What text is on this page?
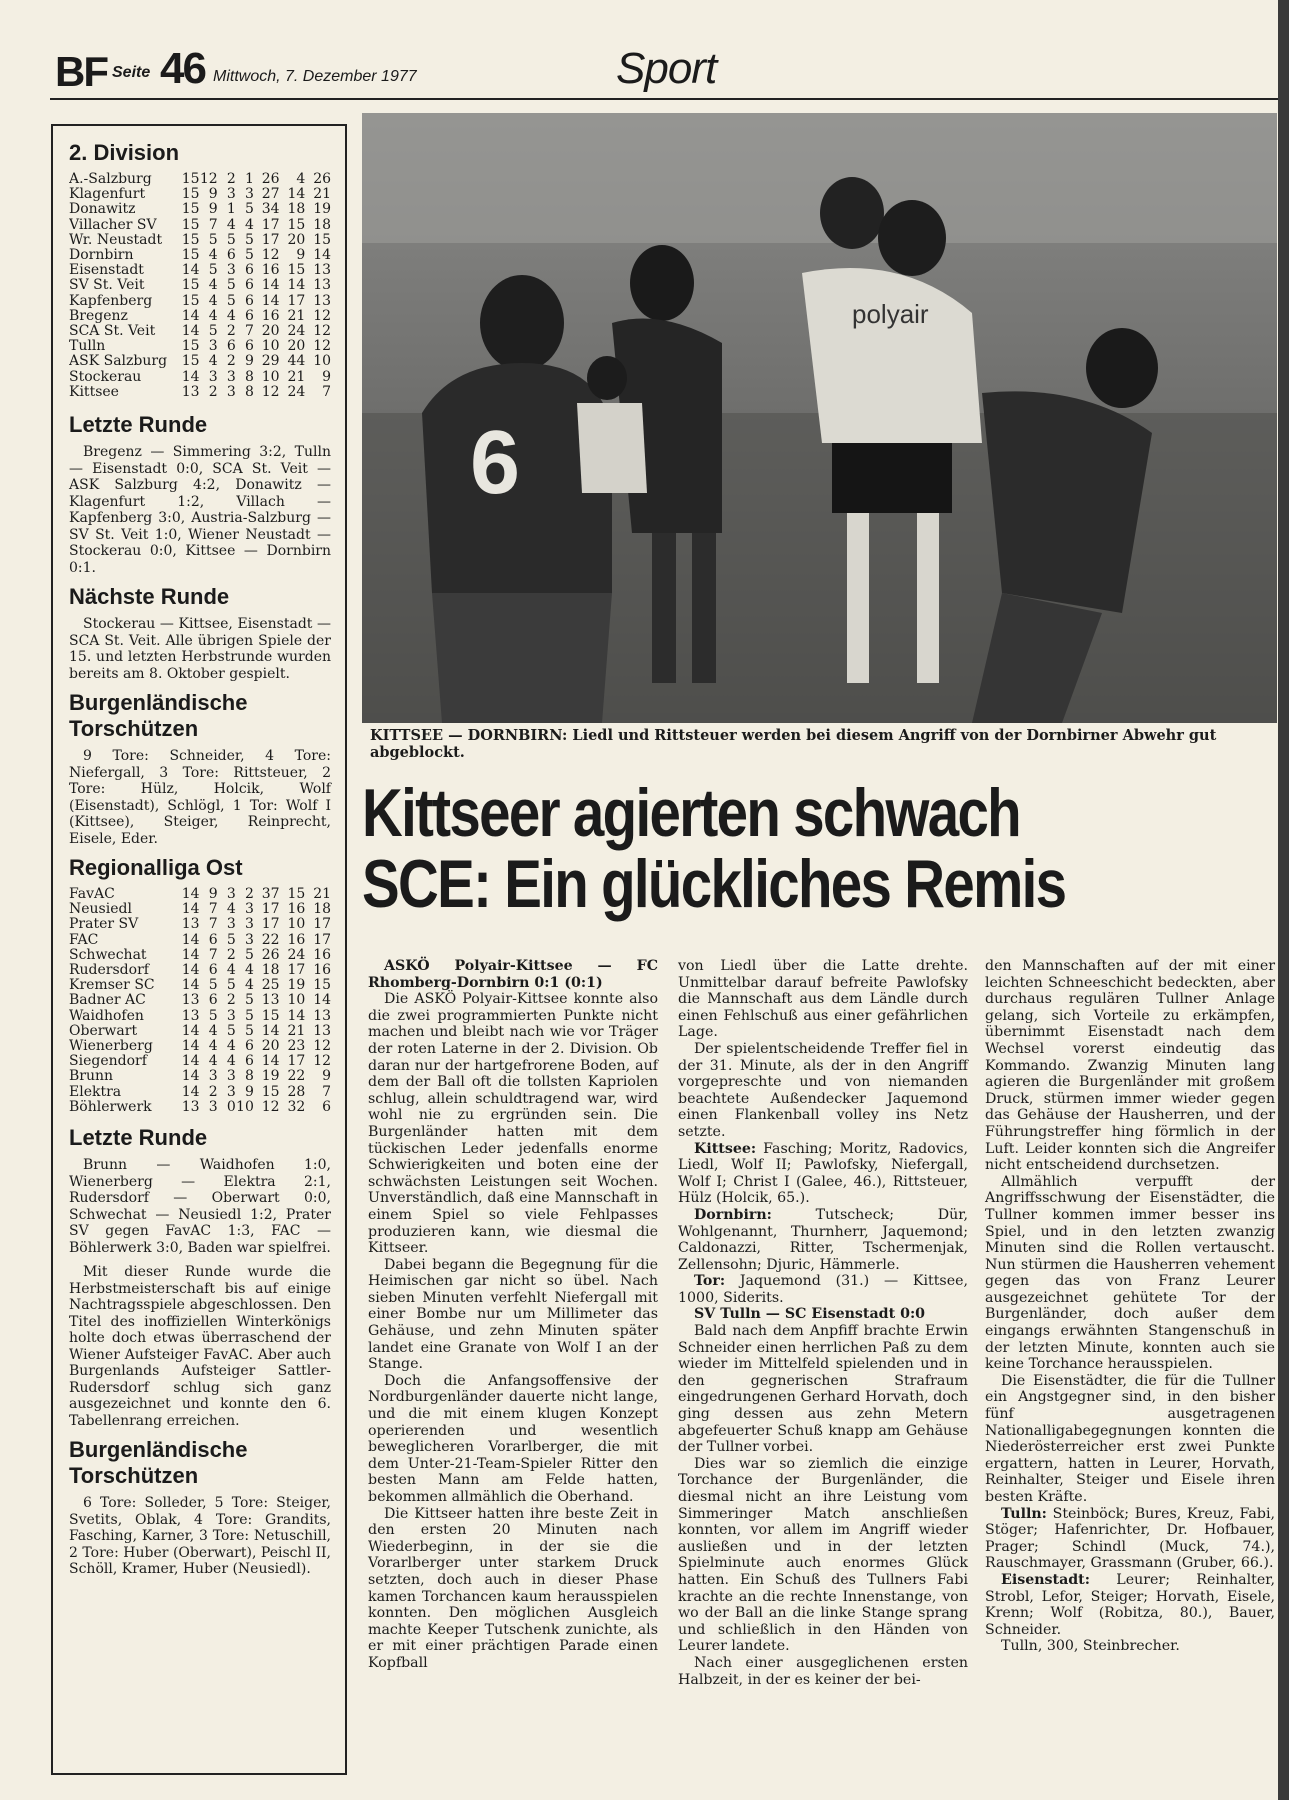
BF Seite 46 Mittwoch, 7. Dezember 1977	Sport
2. Division
A.-Salzburg	15 12 2 1 26	4 26
Klagenfurt	15 9 3 3 27 14 21
Donawitz	15 9 1 5 34 18 19
Villacher SV	15 7 4 4 17 15 18
Wr. Neustadt	15 5 5 5 17 20 15
Dornbirn	15 4 6 5 12	9 14
Eisenstadt	14 5 3 6 16 15 13
SV St. Veit	15 4 5 6 14 14 13
Kapfenberg	15 4 5 6 14 17 13
Bregenz	14 4 4 6 16 21 12
SCA St. Veit	14 5 2 7 20 24 12
Tulln	15 3 6 6 10 20 12
ASK Salzburg	15 4 2 9 29 44 10
Stockerau	14 3 3 8 10 21	9
Kittsee	13 2 3 8 12 24	7
Letzte Runde

Bregenz — Simmering 3:2, Tulln — Eisenstadt 0:0, SCA St. Veit — ASK Salzburg 4:2, Donawitz — Klagenfurt 1:2, Villach — Kapfenberg 3:0, Austria-Salzburg — SV St. Veit 1:0, Wiener Neustadt — Stockerau 0:0, Kittsee — Dornbirn 0:1.

Nächste Runde

Stockerau — Kittsee, Eisenstadt — SCA St. Veit. Alle übrigen Spiele der 15. und letzten Herbstrunde wurden bereits am 8. Oktober gespielt.

Burgenländische Torschützen

9 Tore: Schneider, 4 Tore: Niefergall, 3 Tore: Rittsteuer, 2 Tore: Hülz, Holcik, Wolf (Eisenstadt), Schlögl, 1 Tor: Wolf I (Kittsee), Steiger, Reinprecht, Eisele, Eder.

Regionalliga Ost
FavAC	14 9 3 2 37 15 21
Neusiedl	14 7 4 3 17 16 18
Prater SV	13 7 3 3 17 10 17
FAC	14 6 5 3 22 16 17
Schwechat	14 7 2 5 26 24 16
Rudersdorf	14 6 4 4 18 17 16
Kremser SC	14 5 5 4 25 19 15
Badner AC	13 6 2 5 13 10 14
Waidhofen	13 5 3 5 15 14 13
Oberwart	14 4 5 5 14 21 13
Wienerberg	14 4 4 6 20 23 12
Siegendorf	14 4 4 6 14 17 12
Brunn	14 3 3 8 19 22	9
Elektra	14 2 3 9 15 28	7
Böhlerwerk	13 3 0 10 12 32	6
Letzte Runde

Brunn — Waidhofen 1:0, Wienerberg — Elektra 2:1, Rudersdorf — Oberwart 0:0, Schwechat — Neusiedl 1:2, Prater SV gegen FavAC 1:3, FAC — Böhlerwerk 3:0, Baden war spielfrei.

Mit dieser Runde wurde die Herbstmeisterschaft bis auf einige Nachtragsspiele abgeschlossen. Den Titel des inoffiziellen Winterkönigs holte doch etwas überraschend der Wiener Aufsteiger FavAC. Aber auch Burgenlands Aufsteiger Sattler-Rudersdorf schlug sich ganz ausgezeichnet und konnte den 6. Tabellenrang erreichen.

Burgenländische Torschützen

6 Tore: Solleder, 5 Tore: Steiger, Svetits, Oblak, 4 Tore: Grandits, Fasching, Karner, 3 Tore: Netuschill, 2 Tore: Huber (Oberwart), Peischl II, Schöll, Kramer, Huber (Neusiedl).

6
polyair
KITTSEE — DORNBIRN: Liedl und Rittsteuer werden bei diesem Angriff von der Dornbirner Abwehr gut abgeblockt.
Kittseer agierten schwach
SCE: Ein glückliches Remis

ASKÖ Polyair-Kittsee — FC Rhomberg-Dornbirn 0:1 (0:1)

Die ASKÖ Polyair-Kittsee konnte also die zwei programmierten Punkte nicht machen und bleibt nach wie vor Träger der roten Laterne in der 2. Division. Ob daran nur der hartgefrorene Boden, auf dem der Ball oft die tollsten Kapriolen schlug, allein schuldtragend war, wird wohl nie zu ergründen sein. Die Burgenländer hatten mit dem tückischen Leder jedenfalls enorme Schwierigkeiten und boten eine der schwächsten Leistungen seit Wochen. Unverständlich, daß eine Mannschaft in einem Spiel so viele Fehlpasses produzieren kann, wie diesmal die Kittseer.

Dabei begann die Begegnung für die Heimischen gar nicht so übel. Nach sieben Minuten verfehlt Niefergall mit einer Bombe nur um Millimeter das Gehäuse, und zehn Minuten später landet eine Granate von Wolf I an der Stange.

Doch die Anfangsoffensive der Nordburgenländer dauerte nicht lange, und die mit einem klugen Konzept operierenden und wesentlich beweglicheren Vorarlberger, die mit dem Unter-21-Team-Spieler Ritter den besten Mann am Felde hatten, bekommen allmählich die Oberhand.

Die Kittseer hatten ihre beste Zeit in den ersten 20 Minuten nach Wiederbeginn, in der sie die Vorarlberger unter starkem Druck setzten, doch auch in dieser Phase kamen Torchancen kaum herausspielen konnten. Den möglichen Ausgleich machte Keeper Tutschenk zunichte, als er mit einer prächtigen Parade einen Kopfball

von Liedl über die Latte drehte. Unmittelbar darauf befreite Pawlofsky die Mannschaft aus dem Ländle durch einen Fehlschuß aus einer gefährlichen Lage.

Der spielentscheidende Treffer fiel in der 31. Minute, als der in den Angriff vorgepreschte und von niemanden beachtete Außendecker Jaquemond einen Flankenball volley ins Netz setzte.

Kittsee: Fasching; Moritz, Radovics, Liedl, Wolf II; Pawlofsky, Niefergall, Wolf I; Christ I (Galee, 46.), Rittsteuer, Hülz (Holcik, 65.).

Dornbirn:	Tutscheck; Dür, Wohlgenannt, Thurnherr, Jaquemond; Caldonazzi, Ritter, Tschermenjak, Zellensohn; Djuric, Hämmerle.

Tor: Jaquemond (31.) — Kittsee, 1000, Siderits.

SV Tulln — SC Eisenstadt 0:0

Bald nach dem Anpfiff brachte Erwin Schneider einen herrlichen Paß zu dem wieder im Mittelfeld spielenden und in den gegnerischen Strafraum eingedrungenen Gerhard Horvath, doch ging dessen aus zehn Metern abgefeuerter Schuß knapp am Gehäuse der Tullner vorbei.

Dies war so ziemlich die einzige Torchance der Burgenländer, die diesmal nicht an ihre Leistung vom Simmeringer Match anschließen konnten, vor allem im Angriff wieder ausließen und in der letzten Spielminute auch enormes Glück hatten. Ein Schuß des Tullners Fabi krachte an die rechte Innenstange, von wo der Ball an die linke Stange sprang und schließlich in den Händen von Leurer landete.

Nach einer ausgeglichenen ersten Halbzeit, in der es keiner der bei-

den Mannschaften auf der mit einer leichten Schneeschicht bedeckten, aber durchaus regulären Tullner Anlage gelang, sich Vorteile zu erkämpfen, übernimmt Eisenstadt nach dem Wechsel vorerst eindeutig das Kommando. Zwanzig Minuten lang agieren die Burgenländer mit großem Druck, stürmen immer wieder gegen das Gehäuse der Hausherren, und der Führungstreffer hing förmlich in der Luft. Leider konnten sich die Angreifer nicht entscheidend durchsetzen.

Allmählich verpufft der Angriffsschwung der Eisenstädter, die Tullner kommen immer besser ins Spiel, und in den letzten zwanzig Minuten sind die Rollen vertauscht. Nun stürmen die Hausherren vehement gegen das von Franz Leurer ausgezeichnet gehütete Tor der Burgenländer, doch außer dem eingangs erwähnten Stangenschuß in der letzten Minute, konnten auch sie keine Torchance herausspielen.

Die Eisenstädter, die für die Tullner ein Angstgegner sind, in den bisher fünf ausgetragenen Nationalligabegegnungen konnten die Niederösterreicher erst zwei Punkte ergattern, hatten in Leurer, Horvath, Reinhalter, Steiger und Eisele ihren besten Kräfte.

Tulln: Steinböck; Bures, Kreuz, Fabi, Stöger; Hafenrichter, Dr. Hofbauer, Prager; Schindl (Muck, 74.), Rauschmayer, Grassmann (Gruber, 66.).

Eisenstadt: Leurer; Reinhalter, Strobl, Lefor, Steiger; Horvath, Eisele, Krenn; Wolf (Robitza, 80.), Bauer, Schneider.

Tulln, 300, Steinbrecher.
